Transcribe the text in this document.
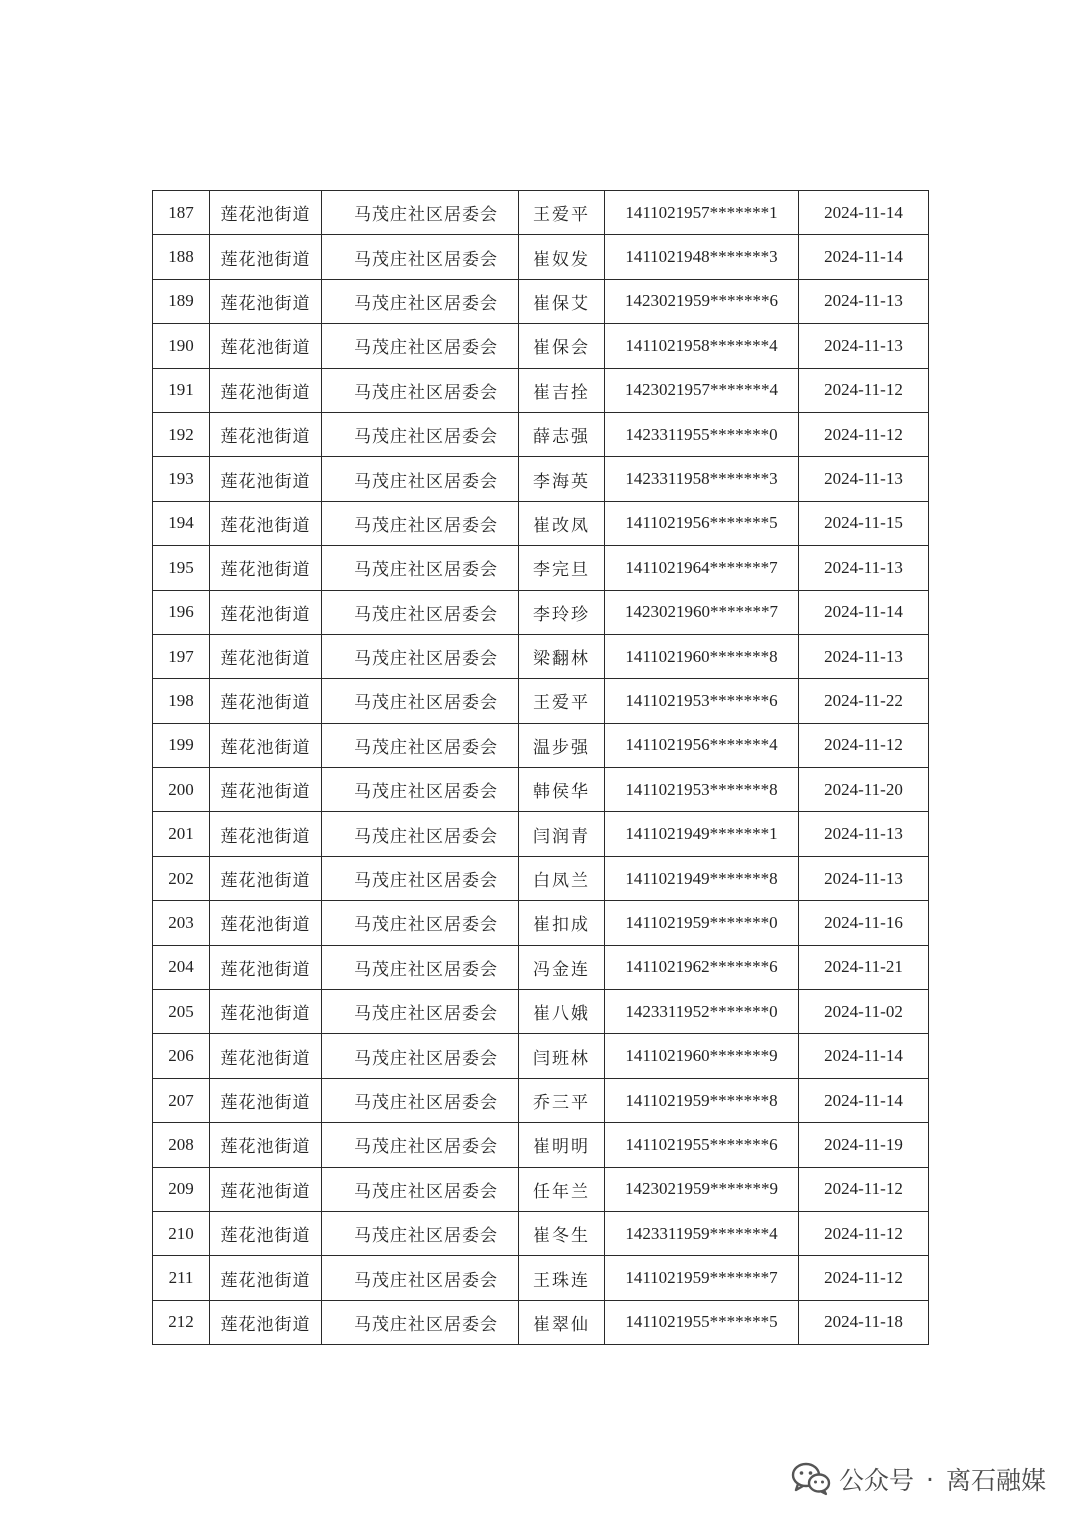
187	莲花池街道	马茂庄社区居委会	王爱平	1411021957*******1	2024-11-14
188	莲花池街道	马茂庄社区居委会	崔奴发	1411021948*******3	2024-11-14
189	莲花池街道	马茂庄社区居委会	崔保艾	1423021959*******6	2024-11-13
190	莲花池街道	马茂庄社区居委会	崔保会	1411021958*******4	2024-11-13
191	莲花池街道	马茂庄社区居委会	崔吉拴	1423021957*******4	2024-11-12
192	莲花池街道	马茂庄社区居委会	薛志强	1423311955*******0	2024-11-12
193	莲花池街道	马茂庄社区居委会	李海英	1423311958*******3	2024-11-13
194	莲花池街道	马茂庄社区居委会	崔改凤	1411021956*******5	2024-11-15
195	莲花池街道	马茂庄社区居委会	李完旦	1411021964*******7	2024-11-13
196	莲花池街道	马茂庄社区居委会	李玲珍	1423021960*******7	2024-11-14
197	莲花池街道	马茂庄社区居委会	梁翻林	1411021960*******8	2024-11-13
198	莲花池街道	马茂庄社区居委会	王爱平	1411021953*******6	2024-11-22
199	莲花池街道	马茂庄社区居委会	温步强	1411021956*******4	2024-11-12
200	莲花池街道	马茂庄社区居委会	韩侯华	1411021953*******8	2024-11-20
201	莲花池街道	马茂庄社区居委会	闫润青	1411021949*******1	2024-11-13
202	莲花池街道	马茂庄社区居委会	白凤兰	1411021949*******8	2024-11-13
203	莲花池街道	马茂庄社区居委会	崔扣成	1411021959*******0	2024-11-16
204	莲花池街道	马茂庄社区居委会	冯金连	1411021962*******6	2024-11-21
205	莲花池街道	马茂庄社区居委会	崔八娥	1423311952*******0	2024-11-02
206	莲花池街道	马茂庄社区居委会	闫班林	1411021960*******9	2024-11-14
207	莲花池街道	马茂庄社区居委会	乔三平	1411021959*******8	2024-11-14
208	莲花池街道	马茂庄社区居委会	崔明明	1411021955*******6	2024-11-19
209	莲花池街道	马茂庄社区居委会	任年兰	1423021959*******9	2024-11-12
210	莲花池街道	马茂庄社区居委会	崔冬生	1423311959*******4	2024-11-12
211	莲花池街道	马茂庄社区居委会	王珠连	1411021959*******7	2024-11-12
212	莲花池街道	马茂庄社区居委会	崔翠仙	1411021955*******5	2024-11-18
公众号 · 离石融媒
